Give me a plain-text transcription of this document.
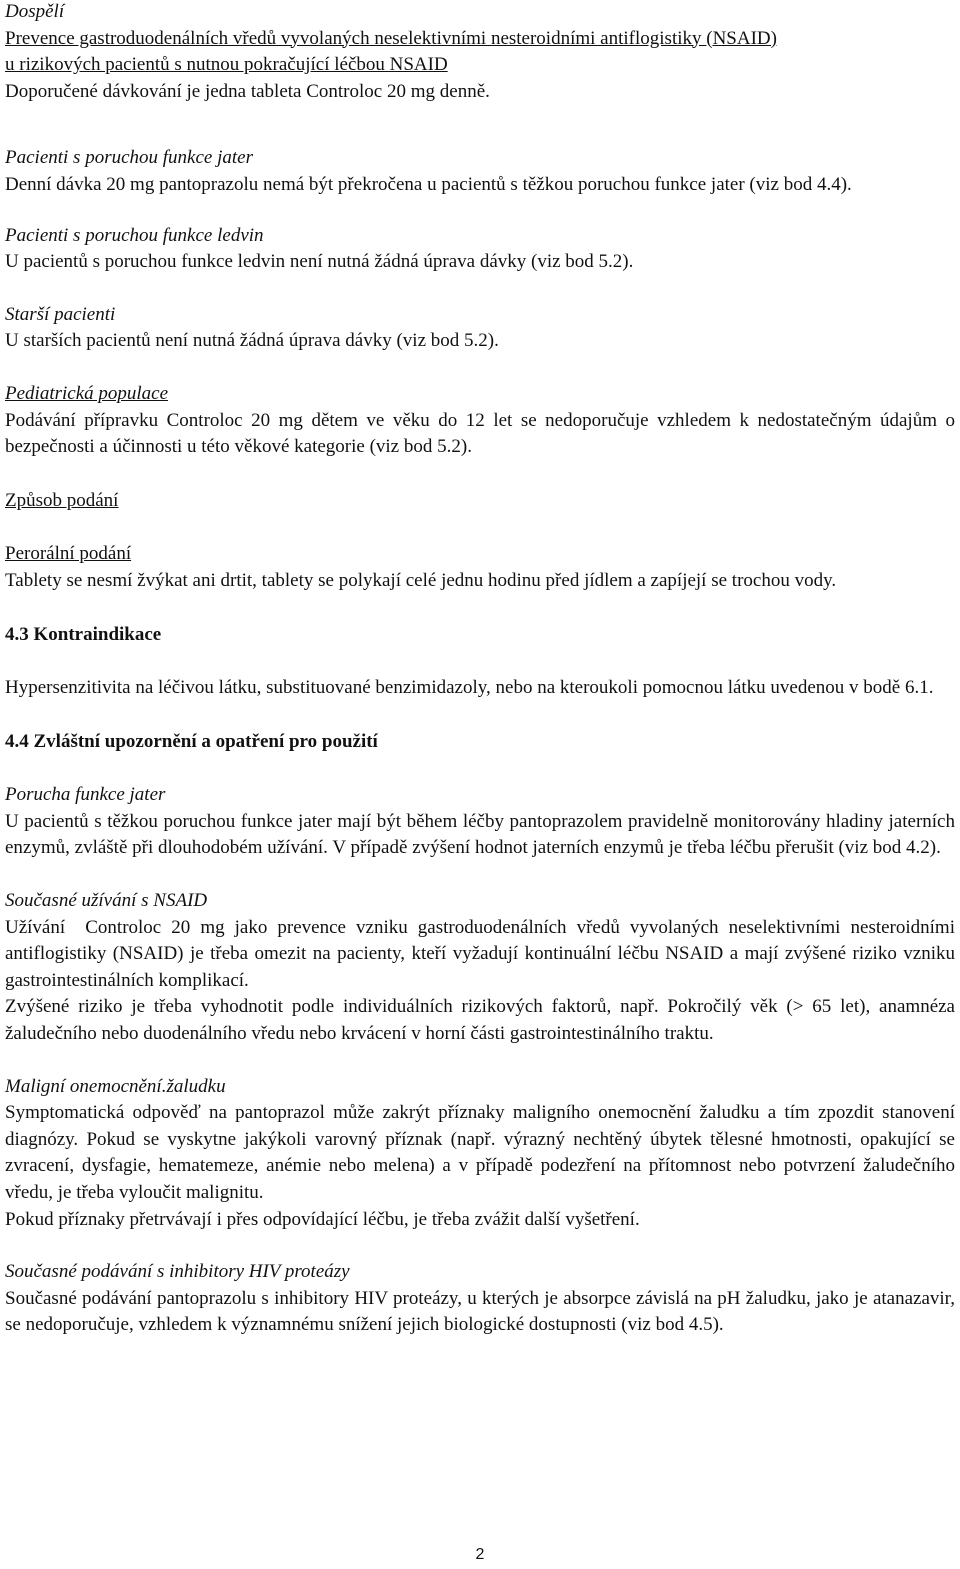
Dospělí
Prevence gastroduodenálních vředů vyvolaných neselektivními nesteroidními antiflogistiky (NSAID)
u rizikových pacientů s nutnou pokračující léčbou NSAID

Doporučené dávkování je jedna tableta Controloc 20 mg denně.

Pacienti s poruchou funkce jater

Denní dávka 20 mg pantoprazolu nemá být překročena u pacientů s těžkou poruchou funkce jater (viz bod 4.4).

Pacienti s poruchou funkce ledvin

U pacientů s poruchou funkce ledvin není nutná žádná úprava dávky (viz bod 5.2).

Starší pacienti

U starších pacientů není nutná žádná úprava dávky (viz bod 5.2).

Pediatrická populace

Podávání přípravku Controloc 20 mg dětem ve věku do 12 let se nedoporučuje vzhledem k nedostatečným údajům o bezpečnosti a účinnosti u této věkové kategorie (viz bod 5.2).

Způsob podání
Perorální podání

Tablety se nesmí žvýkat ani drtit, tablety se polykají celé jednu hodinu před jídlem a zapíjejí se trochou vody.

4.3 Kontraindikace

Hypersenzitivita na léčivou látku, substituované benzimidazoly, nebo na kteroukoli pomocnou látku uvedenou v bodě 6.1.

4.4 Zvláštní upozornění a opatření pro použití
Porucha funkce jater

U pacientů s těžkou poruchou funkce jater mají být během léčby pantoprazolem pravidelně monitorovány hladiny jaterních enzymů, zvláště při dlouhodobém užívání. V případě zvýšení hodnot jaterních enzymů je třeba léčbu přerušit (viz bod 4.2).

Současné užívání s NSAID

Užívání  Controloc 20 mg jako prevence vzniku gastroduodenálních vředů vyvolaných neselektivními nesteroidními antiflogistiky (NSAID) je třeba omezit na pacienty, kteří vyžadují kontinuální léčbu NSAID a mají zvýšené riziko vzniku gastrointestinálních komplikací.

Zvýšené riziko je třeba vyhodnotit podle individuálních rizikových faktorů, např. Pokročilý věk (> 65 let), anamnéza žaludečního nebo duodenálního vředu nebo krvácení v horní části gastrointestinálního traktu.

Maligní onemocnění.žaludku

Symptomatická odpověď na pantoprazol může zakrýt příznaky maligního onemocnění žaludku a tím zpozdit stanovení diagnózy. Pokud se vyskytne jakýkoli varovný příznak (např. výrazný nechtěný úbytek tělesné hmotnosti, opakující se zvracení, dysfagie, hematemeze, anémie nebo melena) a v případě podezření na přítomnost nebo potvrzení žaludečního vředu, je třeba vyloučit malignitu.

Pokud příznaky přetrvávají i přes odpovídající léčbu, je třeba zvážit další vyšetření.

Současné podávání s inhibitory HIV proteázy

Současné podávání pantoprazolu s inhibitory HIV proteázy, u kterých je absorpce závislá na pH žaludku, jako je atanazavir, se nedoporučuje, vzhledem k významnému snížení jejich biologické dostupnosti (viz bod 4.5).

2
